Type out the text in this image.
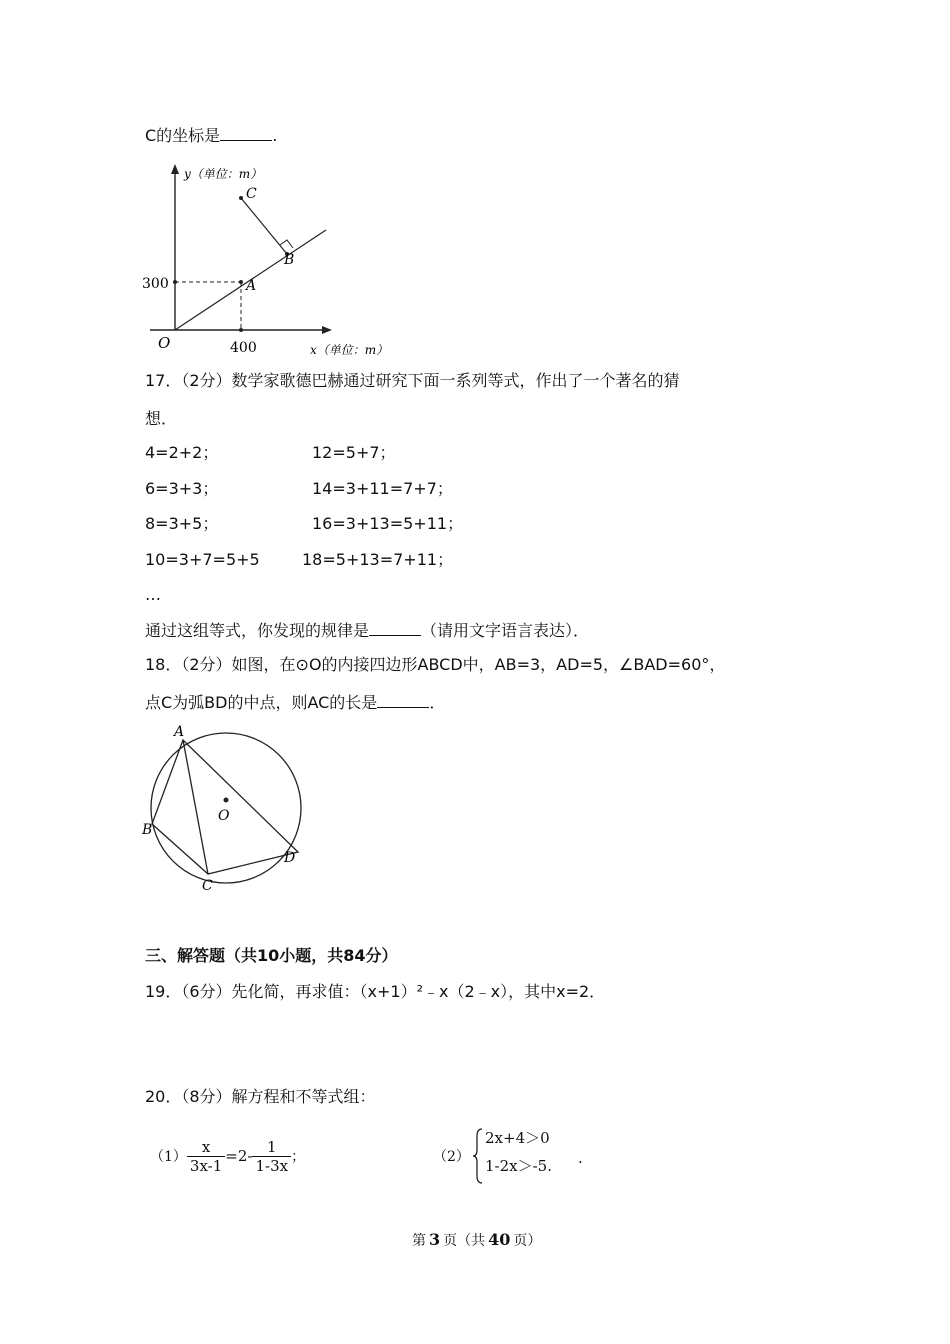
C的坐标是	.
y（单位：m）
x（单位：m）
O
300
400
A
B
C
17．（2分）数学家歌德巴赫通过研究下面一系列等式，作出了一个著名的猜
想．
4=2+2；	12=5+7；
6=3+3；	14=3+11=7+7；
8=3+5；	16=3+13=5+11；
10=3+7=5+5	18=5+13=7+11；
…
通过这组等式，你发现的规律是	（请用文字语言表达）．
18．（2分）如图，在⊙O的内接四边形ABCD中，AB=3，AD=5，∠BAD=60°，
点C为弧BD的中点，则AC的长是	．
A
B
C
D
O
三、解答题（共10小题，共84分）
19．（6分）先化简，再求值：（x+1）²﹣x（2﹣x），其中x=2．
20．（8分）解方程和不等式组：
$(1) \frac{x}{3x-1} =2- \frac{1}{1-3x}$ ；	（2）
2x+4＞0
1-2x＞-5. .
第 3 页（共 40 页）
